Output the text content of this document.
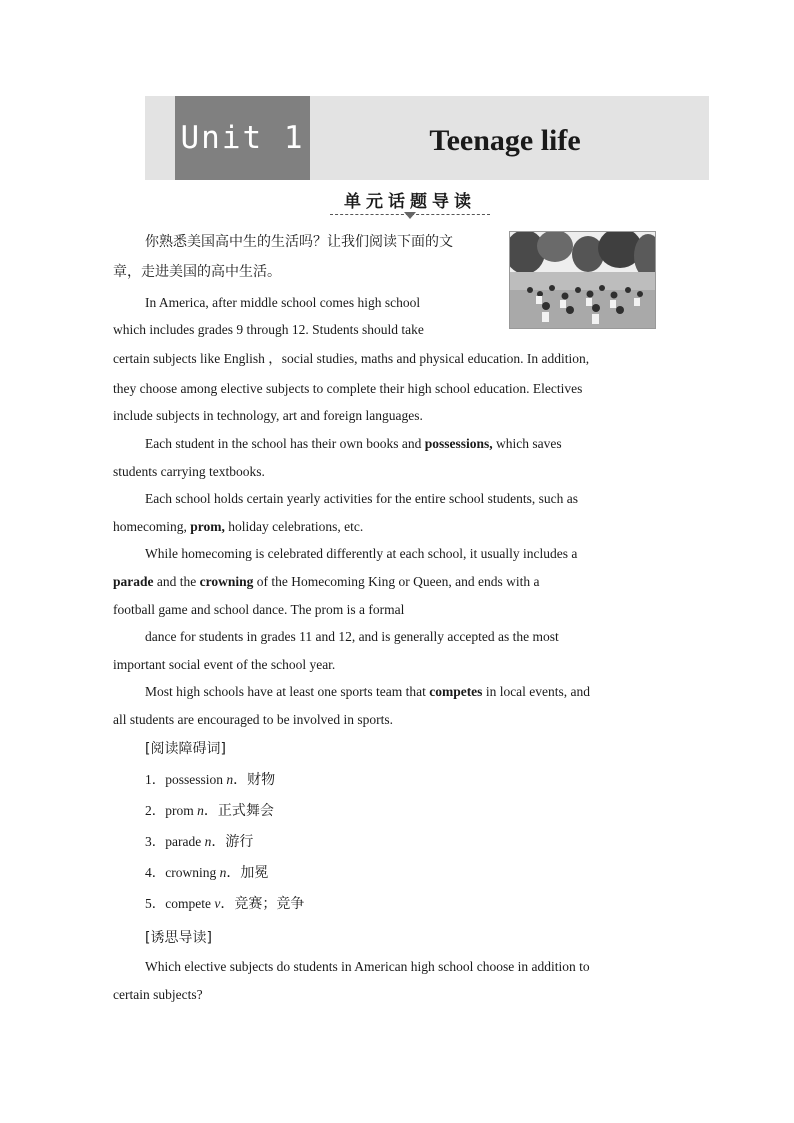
Unit 1	Teenage life
单元话题导读
你熟悉美国高中生的生活吗？让我们阅读下面的文
章，走进美国的高中生活。
In America, after middle school comes high school
which includes grades 9 through 12. Students should take
certain subjects like English ，social studies, maths and physical education. In addition,
they choose among elective subjects to complete their high school education. Electives
include subjects in technology, art and foreign languages.
Each student in the school has their own books and possessions, which saves
students carrying textbooks.
Each school holds certain yearly activities for the entire school students, such as
homecoming, prom, holiday celebrations, etc.
While homecoming is celebrated differently at each school, it usually includes a
parade and the crowning of the Homecoming King or Queen, and ends with a
football game and school dance. The prom is a formal
dance for students in grades 11 and 12, and is generally accepted as the most
important social event of the school year.
Most high schools have at least one sports team that competes in local events, and
all students are encouraged to be involved in sports.
[阅读障碍词]
1．possession n．财物
2．prom n．正式舞会
3．parade n．游行
4．crowning n．加冕
5．compete v．竞赛；竞争
[诱思导读]
Which elective subjects do students in American high school choose in addition to
certain subjects?
